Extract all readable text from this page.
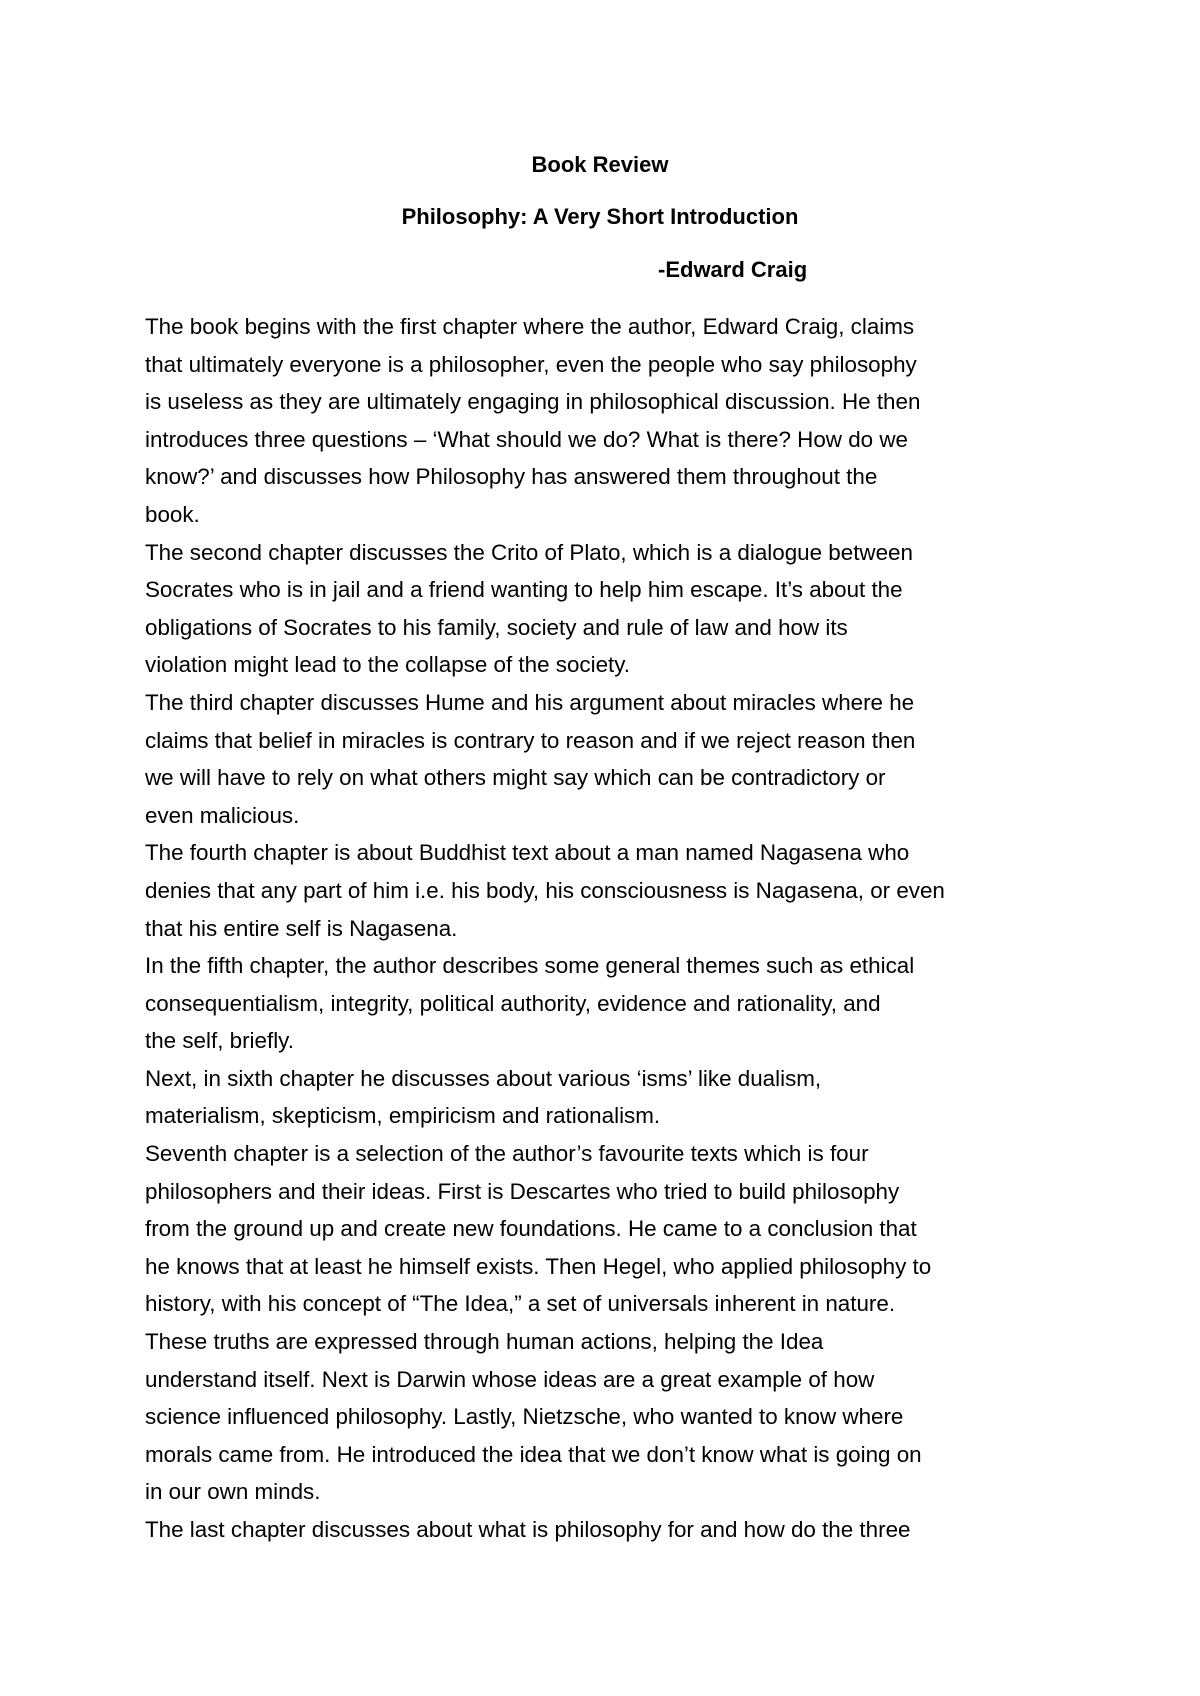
Book Review
Philosophy: A Very Short Introduction
-Edward Craig
The book begins with the first chapter where the author, Edward Craig, claims
that ultimately everyone is a philosopher, even the people who say philosophy
is useless as they are ultimately engaging in philosophical discussion. He then
introduces three questions – ‘What should we do? What is there? How do we
know?’ and discusses how Philosophy has answered them throughout the
book.
The second chapter discusses the Crito of Plato, which is a dialogue between
Socrates who is in jail and a friend wanting to help him escape. It’s about the
obligations of Socrates to his family, society and rule of law and how its
violation might lead to the collapse of the society.
The third chapter discusses Hume and his argument about miracles where he
claims that belief in miracles is contrary to reason and if we reject reason then
we will have to rely on what others might say which can be contradictory or
even malicious.
The fourth chapter is about Buddhist text about a man named Nagasena who
denies that any part of him i.e. his body, his consciousness is Nagasena, or even
that his entire self is Nagasena.
In the fifth chapter, the author describes some general themes such as ethical
consequentialism, integrity, political authority, evidence and rationality, and
the self, briefly.
Next, in sixth chapter he discusses about various ‘isms’ like dualism,
materialism, skepticism, empiricism and rationalism.
Seventh chapter is a selection of the author’s favourite texts which is four
philosophers and their ideas. First is Descartes who tried to build philosophy
from the ground up and create new foundations. He came to a conclusion that
he knows that at least he himself exists. Then Hegel, who applied philosophy to
history, with his concept of “The Idea,” a set of universals inherent in nature.
These truths are expressed through human actions, helping the Idea
understand itself. Next is Darwin whose ideas are a great example of how
science influenced philosophy. Lastly, Nietzsche, who wanted to know where
morals came from. He introduced the idea that we don’t know what is going on
in our own minds.
The last chapter discusses about what is philosophy for and how do the three
